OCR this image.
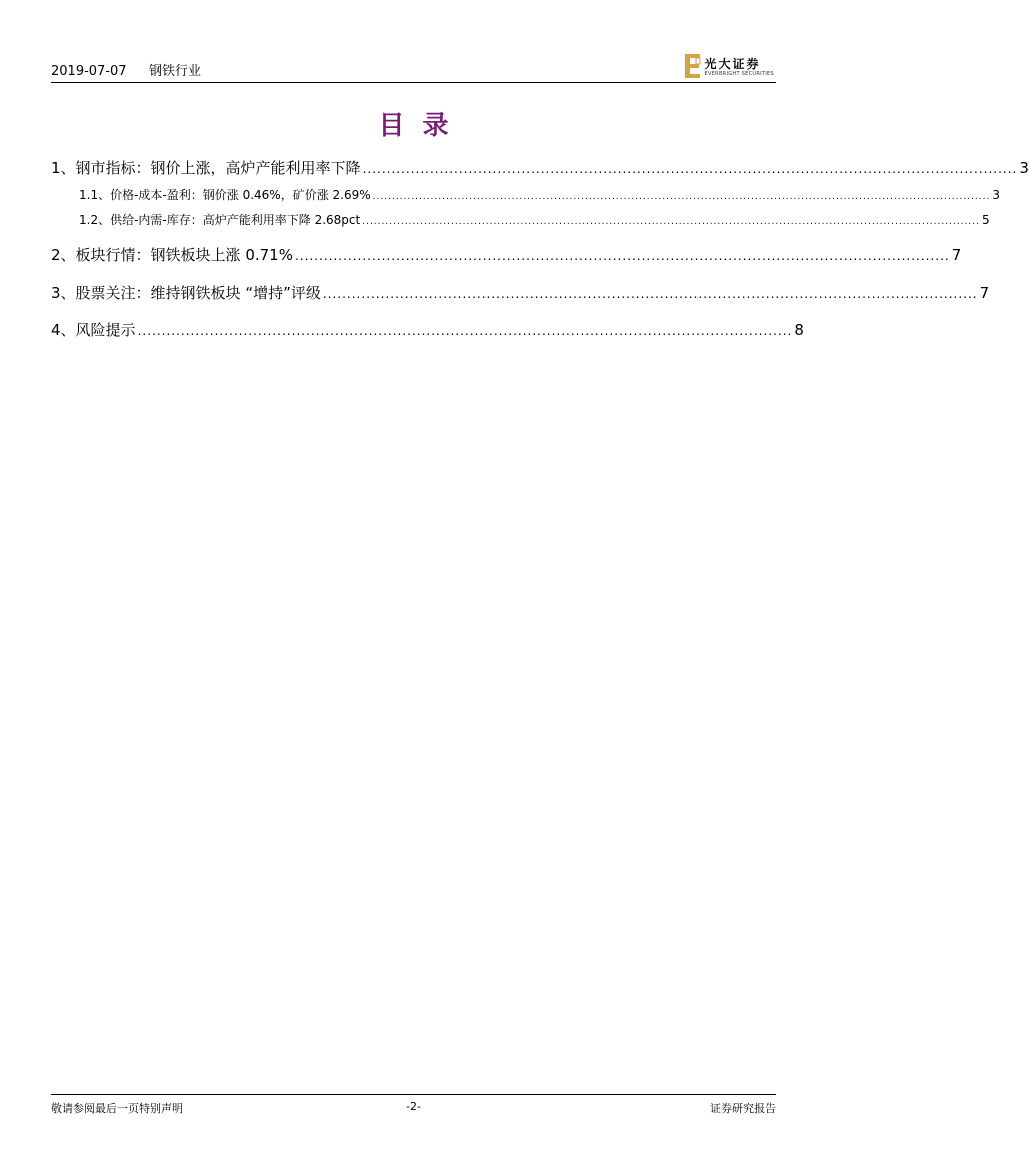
2019-07-07 钢铁行业	光大证券
EVERBRIGHT SECURITIES
目录
1、 钢市指标：钢价上涨，高炉产能利用率下降 ........................................................................................................................................ 3
1.1、 价格-成本-盈利：钢价涨 0.46%，矿价涨 2.69% ................................................................................................................................................................ 3
1.2、 供给-内需-库存：高炉产能利用率下降 2.68pct ................................................................................................................................................................ 5
2、 板块行情：钢铁板块上涨 0.71% ........................................................................................................................................ 7
3、 股票关注：维持钢铁板块 “增持”评级 ........................................................................................................................................ 7
4、 风险提示 ........................................................................................................................................ 8
敬请参阅最后一页特别声明	-2-	证券研究报告
